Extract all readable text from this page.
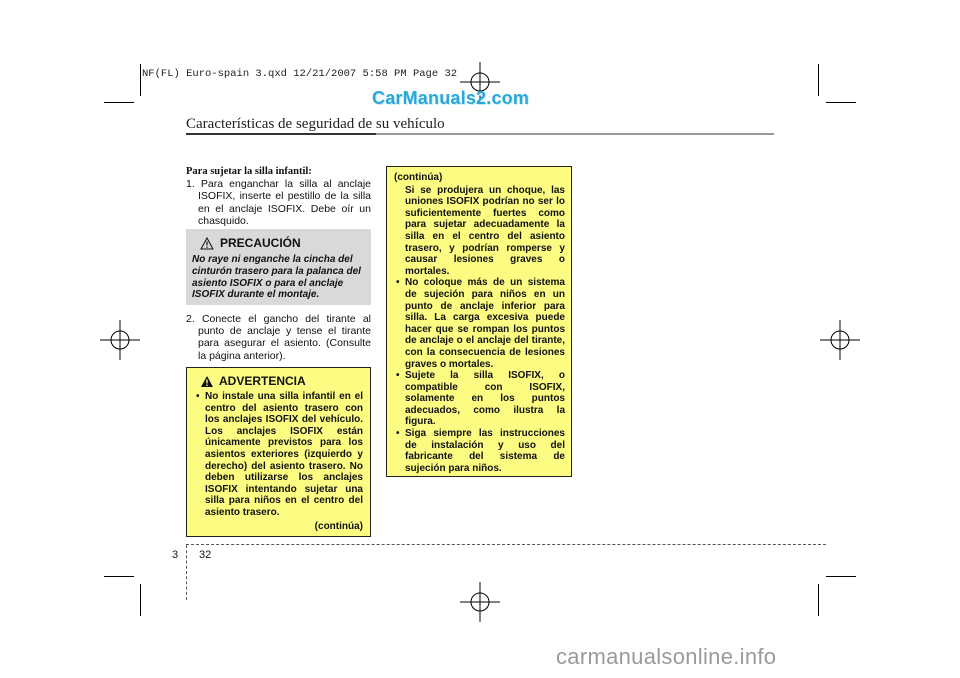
NF(FL) Euro-spain 3.qxd 12/21/2007 5:58 PM Page 32
CarManuals2.com
Características de seguridad de su vehículo
Para sujetar la silla infantil:

1. Para enganchar la silla al anclaje ISOFIX, inserte el pestillo de la silla en el anclaje ISOFIX. Debe oír un chasquido.

PRECAUCIÓN
No raye ni enganche la cincha del cinturón trasero para la palanca del asiento ISOFIX o para el anclaje ISOFIX durante el montaje.

2. Conecte el gancho del tirante al punto de anclaje y tense el tirante para asegurar el asiento. (Consulte la página anterior).

ADVERTENCIA

• No instale una silla infantil en el centro del asiento trasero con los anclajes ISOFIX del vehículo. Los anclajes ISOFIX están únicamente previstos para los asientos exteriores (izquierdo y derecho) del asiento trasero. No deben utilizarse los anclajes ISOFIX intentando sujetar una silla para niños en el centro del asiento trasero.

(continúa)
(continúa)

Si se produjera un choque, las uniones ISOFIX podrían no ser lo suficientemente fuertes como para sujetar adecuadamente la silla en el centro del asiento trasero, y podrían romperse y causar lesiones graves o mortales.

• No coloque más de un sistema de sujeción para niños en un punto de anclaje inferior para silla. La carga excesiva puede hacer que se rompan los puntos de anclaje o el anclaje del tirante, con la consecuencia de lesiones graves o mortales.

• Sujete la silla ISOFIX, o compatible con ISOFIX, solamente en los puntos adecuados, como ilustra la figura.

• Siga siempre las instrucciones de instalación y uso del fabricante del sistema de sujeción para niños.

3 32
carmanualsonline.info
